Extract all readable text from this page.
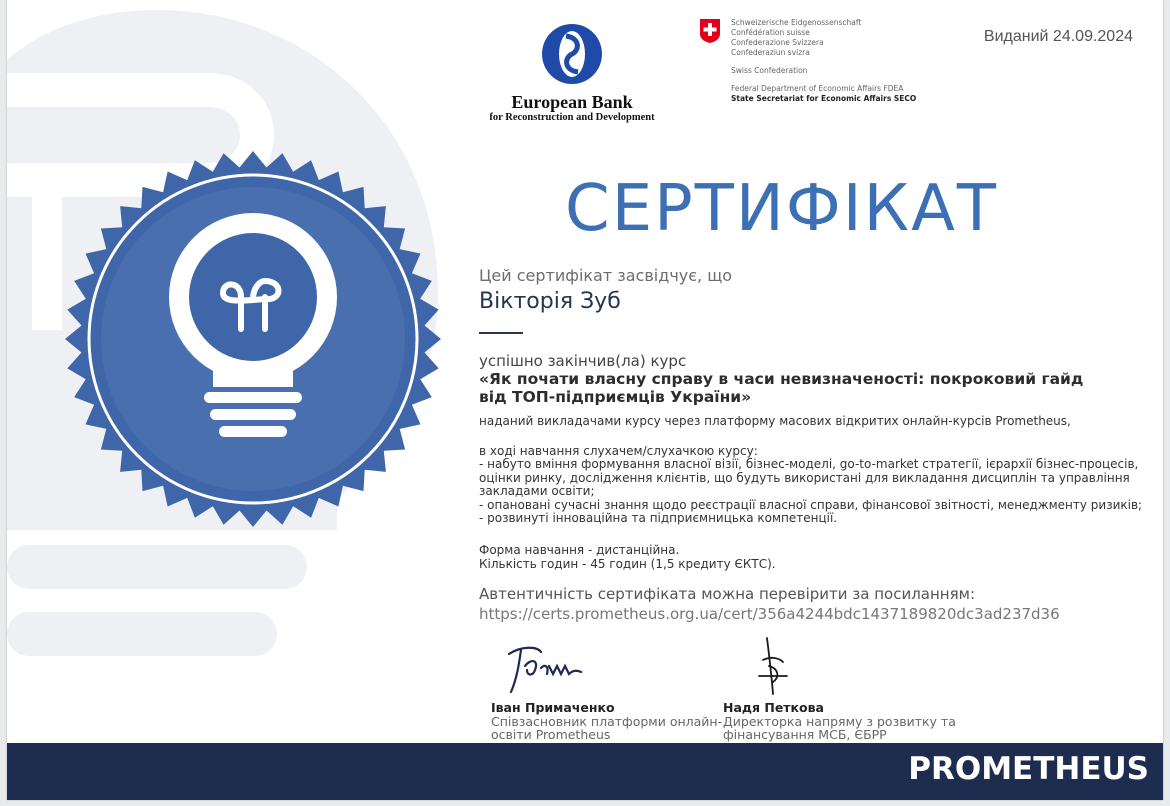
European Bank
for Reconstruction and Development
Schweizerische Eidgenossenschaft
Confédération suisse
Confederazione Svizzera
Confederaziun svizra
Swiss Confederation
Federal Department of Economic Affairs FDEA
State Secretariat for Economic Affairs SECO
Виданий 24.09.2024
СЕРТИФІКАТ
Цей сертифікат засвідчує, що
Вікторія Зуб
успішно закінчив(ла) курс
«Як почати власну справу в часи невизначеності: покроковий гайд від ТОП-підприємців України»
наданий викладачами курсу через платформу масових відкритих онлайн-курсів Prometheus,
в ході навчання слухачем/слухачкою курсу:
- набуто вміння формування власної візії, бізнес-моделі, go-to-market стратегії, ієрархії бізнес-процесів, оцінки ринку, дослідження клієнтів, що будуть використані для викладання дисциплін та управління закладами освіти;
- опановані сучасні знання щодо реєстрації власної справи, фінансової звітності, менеджменту ризиків;
- розвинуті інноваційна та підприємницька компетенції.
Форма навчання - дистанційна.
Кількість годин - 45 годин (1,5 кредиту ЄКТС).
Автентичність сертифіката можна перевірити за посиланням:
https://certs.prometheus.org.ua/cert/356a4244bdc1437189820dc3ad237d36
Іван Примаченко
Співзасновник платформи онлайн-освіти Prometheus
Надя Петкова
Директорка напряму з розвитку та фінансування МСБ, ЄБРР
PROMETHEUS
